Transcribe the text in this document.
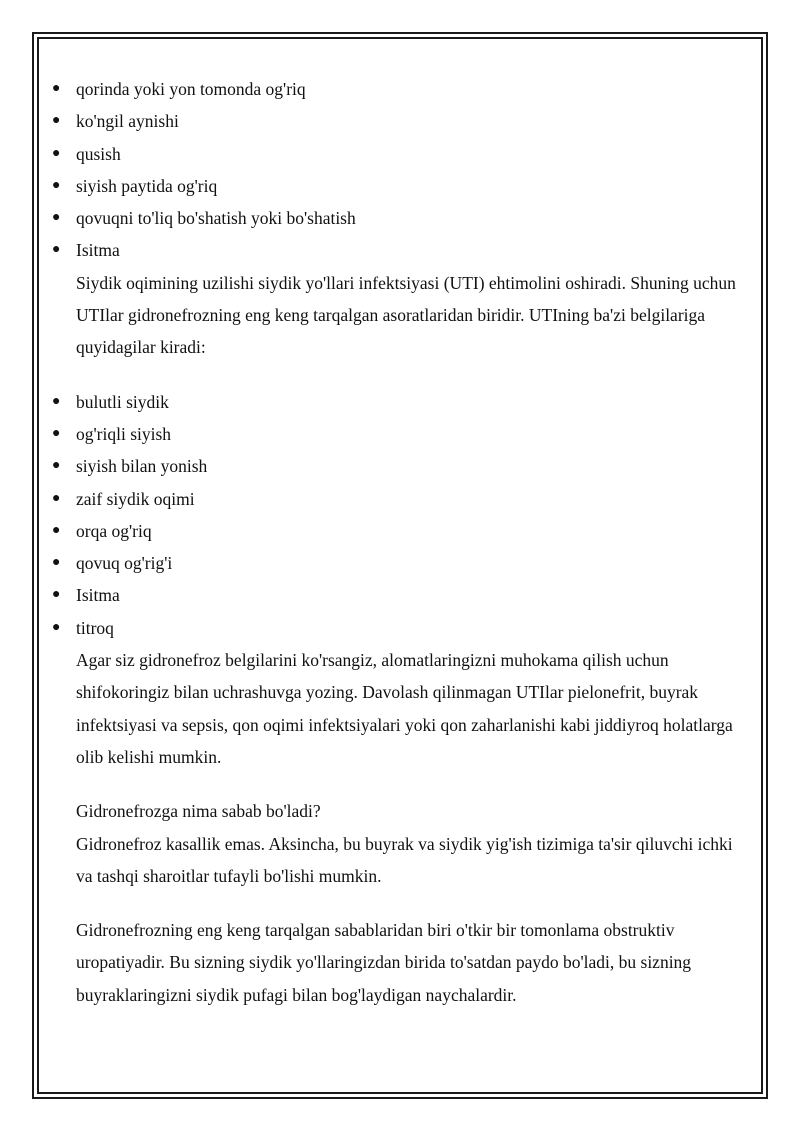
● qorinda yoki yon tomonda og'riq
● ko'ngil aynishi
● qusish
● siyish paytida og'riq
● qovuqni to'liq bo'shatish yoki bo'shatish
● Isitma

Siydik oqimining uzilishi siydik yo'llari infektsiyasi (UTI) ehtimolini oshiradi. Shuning uchun UTIlar gidronefrozning eng keng tarqalgan asoratlaridan biridir. UTIning ba'zi belgilariga quyidagilar kiradi:

● bulutli siydik
● og'riqli siyish
● siyish bilan yonish
● zaif siydik oqimi
● orqa og'riq
● qovuq og'rig'i
● Isitma
● titroq

Agar siz gidronefroz belgilarini ko'rsangiz, alomatlaringizni muhokama qilish uchun shifokoringiz bilan uchrashuvga yozing. Davolash qilinmagan UTIlar pielonefrit, buyrak infektsiyasi va sepsis, qon oqimi infektsiyalari yoki qon zaharlanishi kabi jiddiyroq holatlarga olib kelishi mumkin.

Gidronefrozga nima sabab bo'ladi?

Gidronefroz kasallik emas. Aksincha, bu buyrak va siydik yig'ish tizimiga ta'sir qiluvchi ichki va tashqi sharoitlar tufayli bo'lishi mumkin.

Gidronefrozning eng keng tarqalgan sabablaridan biri o'tkir bir tomonlama obstruktiv uropatiyadir. Bu sizning siydik yo'llaringizdan birida to'satdan paydo bo'ladi, bu sizning buyraklaringizni siydik pufagi bilan bog'laydigan naychalardir.
